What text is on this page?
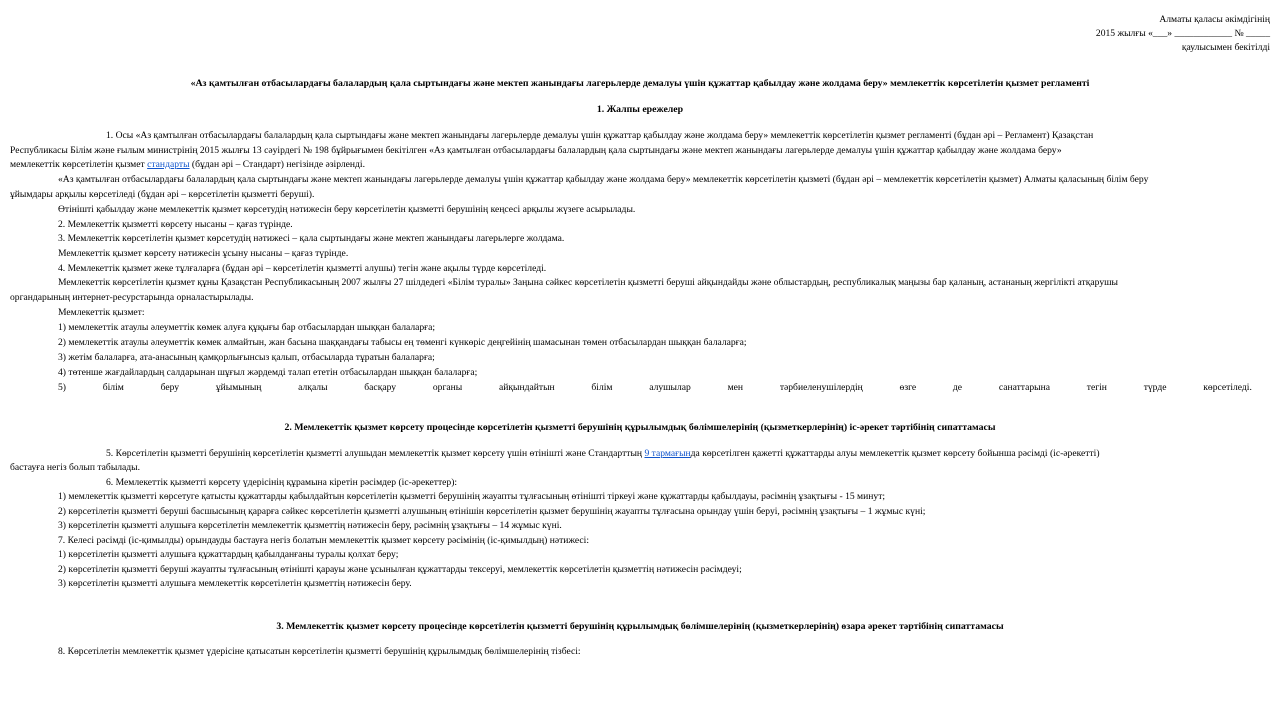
Алматы қаласы әкімдігінің
2015 жылғы «___» ____________ № _____
қаулысымен бекітілді
«Аз қамтылған отбасылардағы балалардың қала сыртындағы және мектеп жанындағы лагерьлерде демалуы үшін құжаттар қабылдау және жолдама беру» мемлекеттік көрсетілетін қызмет регламенті
1. Жалпы ережелер
1. Осы «Аз қамтылған отбасылардағы балалардың қала сыртындағы және мектеп жанындағы лагерьлерде демалуы үшін құжаттар қабылдау және жолдама беру» мемлекеттік көрсетілетін қызмет регламенті (бұдан әрі – Регламент) Қазақстан
Республикасы Білім және ғылым министрінің 2015 жылғы 13 сәуірдегі № 198 бұйрығымен бекітілген «Аз қамтылған отбасылардағы балалардың қала сыртындағы және мектеп жанындағы лагерьлерде демалуы үшін құжаттар қабылдау және жолдама беру»
мемлекеттік көрсетілетін қызмет стандарты (бұдан әрі – Стандарт) негізінде әзірленді.
«Аз қамтылған отбасылардағы балалардың қала сыртындағы және мектеп жанындағы лагерьлерде демалуы үшін құжаттар қабылдау және жолдама беру» мемлекеттік көрсетілетін қызметі (бұдан әрі – мемлекеттік көрсетілетін қызмет) Алматы қаласының білім беру
ұйымдары арқылы көрсетіледі (бұдан әрі – көрсетілетін қызметті беруші).
Өтінішті қабылдау және мемлекеттік қызмет көрсетудің нәтижесін беру көрсетілетін қызметті берушінің кеңсесі арқылы жүзеге асырылады.
2. Мемлекеттік қызметті көрсету нысаны – қағаз түрінде.
3. Мемлекеттік көрсетілетін қызмет көрсетудің нәтижесі – қала сыртындағы және мектеп жанындағы лагерьлерге жолдама.
Мемлекеттік қызмет көрсету нәтижесін ұсыну нысаны – қағаз түрінде.
4. Мемлекеттік қызмет жеке тұлғаларға (бұдан әрі – көрсетілетін қызметті алушы) тегін және ақылы түрде көрсетіледі.
Мемлекеттік көрсетілетін қызмет құны Қазақстан Республикасының 2007 жылғы 27 шілдедегі «Білім туралы» Заңына сәйкес көрсетілетін қызметті беруші айқындайды және облыстардың, республикалық маңызы бар қаланың, астананың жергілікті атқарушы
органдарының интернет-ресурстарында орналастырылады.
Мемлекеттік қызмет:
1) мемлекеттік атаулы әлеуметтік көмек алуға құқығы бар отбасылардан шыққан балаларға;
2) мемлекеттік атаулы әлеуметтік көмек алмайтын, жан басына шаққандағы табысы ең төменгі күнкөріс деңгейінің шамасынан төмен отбасылардан шыққан балаларға;
3) жетім балаларға, ата-анасының қамқорлығынсыз қалып, отбасыларда тұратын балаларға;
4) төтенше жағдайлардың салдарынан шұғыл жәрдемді талап ететін отбасылардан шыққан балаларға;
5)	білім	беру	ұйымының	алқалы	басқару	органы	айқындайтын	білім	алушылар	мен	тәрбиеленушілердің	өзге	де	санаттарына	тегін	түрде	көрсетіледі.
2. Мемлекеттік қызмет көрсету процесінде көрсетілетін қызметті берушінің құрылымдық бөлімшелерінің (қызметкерлерінің) іс-әрекет тәртібінің сипаттамасы
5. Көрсетілетін қызметті берушінің көрсетілетін қызметті алушыдан мемлекеттік қызмет көрсету үшін өтінішті және Стандарттың 9 тармағында көрсетілген қажетті құжаттарды алуы мемлекеттік қызмет көрсету бойынша рәсімді (іс-әрекетті)
бастауға негіз болып табылады.
6. Мемлекеттік қызметті көрсету үдерісінің құрамына кіретін рәсімдер (іс-әрекеттер):
1) мемлекеттік қызметті көрсетуге қатысты құжаттарды қабылдайтын көрсетілетін қызметті берушінің жауапты тұлғасының өтінішті тіркеуі және құжаттарды қабылдауы, рәсімнің ұзақтығы - 15 минут;
2) көрсетілетін қызметті беруші басшысының қарарға сәйкес көрсетілетін қызметті алушының өтінішін көрсетілетін қызмет берушінің жауапты тұлғасына орындау үшін беруі, рәсімнің ұзақтығы – 1 жұмыс күні;
3) көрсетілетін қызметті алушыға көрсетілетін мемлекеттік қызметтің нәтижесін беру, рәсімнің ұзақтығы – 14 жұмыс күні.
7. Келесі рәсімді (іс-қимылды) орындауды бастауға негіз болатын мемлекеттік қызмет көрсету рәсімінің (іс-қимылдың) нәтижесі:
1) көрсетілетін қызметті алушыға құжаттардың қабылданғаны туралы қолхат беру;
2) көрсетілетін қызметті беруші жауапты тұлғасының өтінішті қарауы және ұсынылған құжаттарды тексеруі, мемлекеттік көрсетілетін қызметтің нәтижесін рәсімдеуі;
3) көрсетілетін қызметті алушыға мемлекеттік көрсетілетін қызметтің нәтижесін беру.
3. Мемлекеттік қызмет көрсету процесінде көрсетілетін қызметті берушінің құрылымдық бөлімшелерінің (қызметкерлерінің) өзара әрекет тәртібінің сипаттамасы
8. Көрсетілетін мемлекеттік қызмет үдерісіне қатысатын көрсетілетін қызметті берушінің құрылымдық бөлімшелерінің тізбесі:
